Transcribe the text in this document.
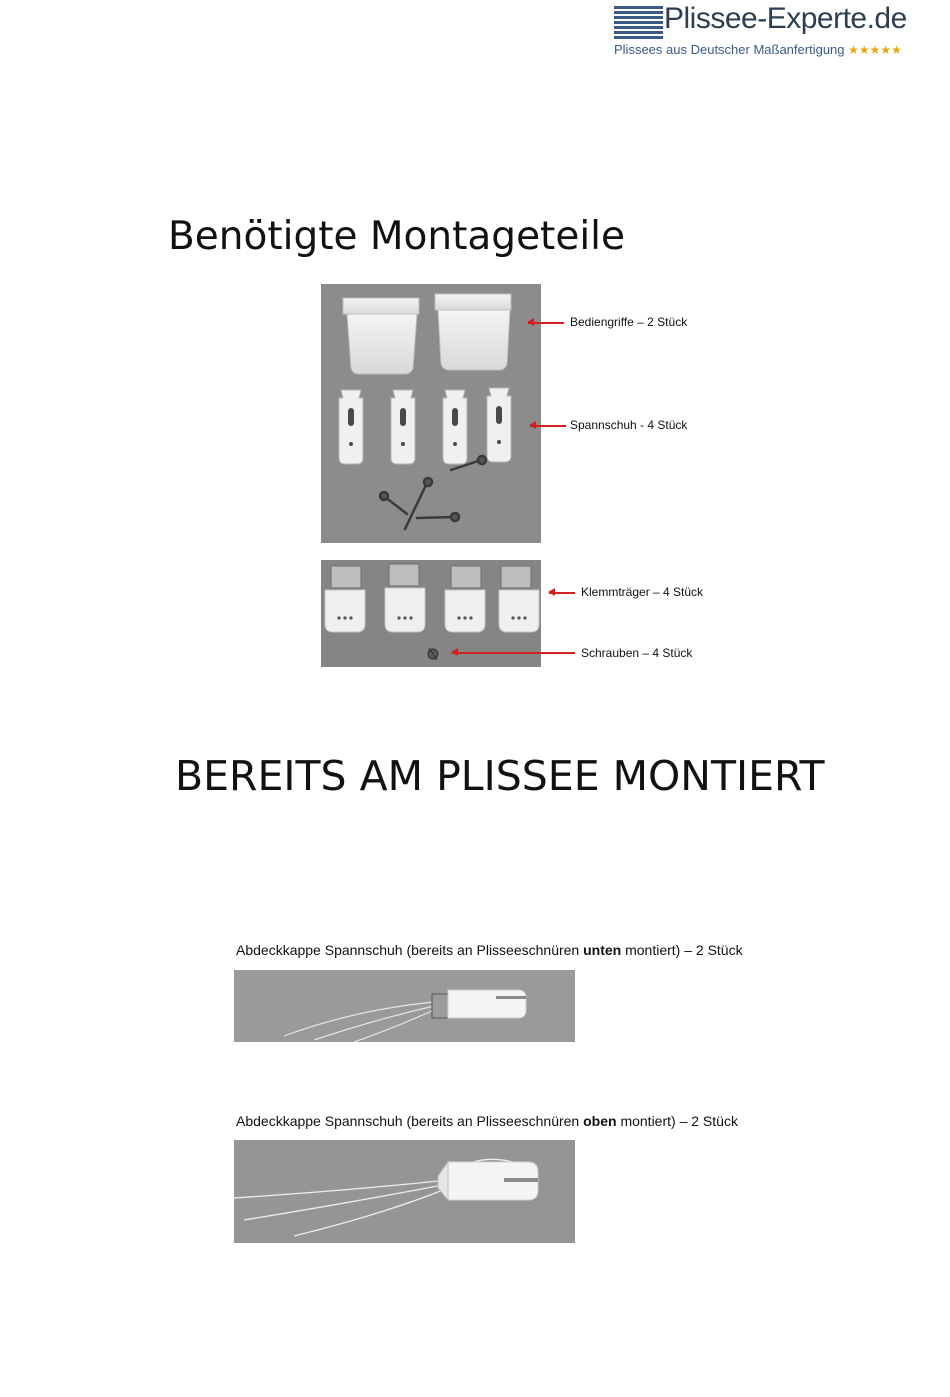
Plissee-Experte.de
Plissees aus Deutscher Maßanfertigung ★★★★★
Benötigte Montageteile
Bediengriffe – 2 Stück
Spannschuh - 4 Stück
Klemmträger – 4 Stück
Schrauben – 4 Stück
BEREITS AM PLISSEE MONTIERT
Abdeckkappe Spannschuh (bereits an Plisseeschnüren unten montiert) – 2 Stück
Abdeckkappe Spannschuh (bereits an Plisseeschnüren oben montiert) – 2 Stück
